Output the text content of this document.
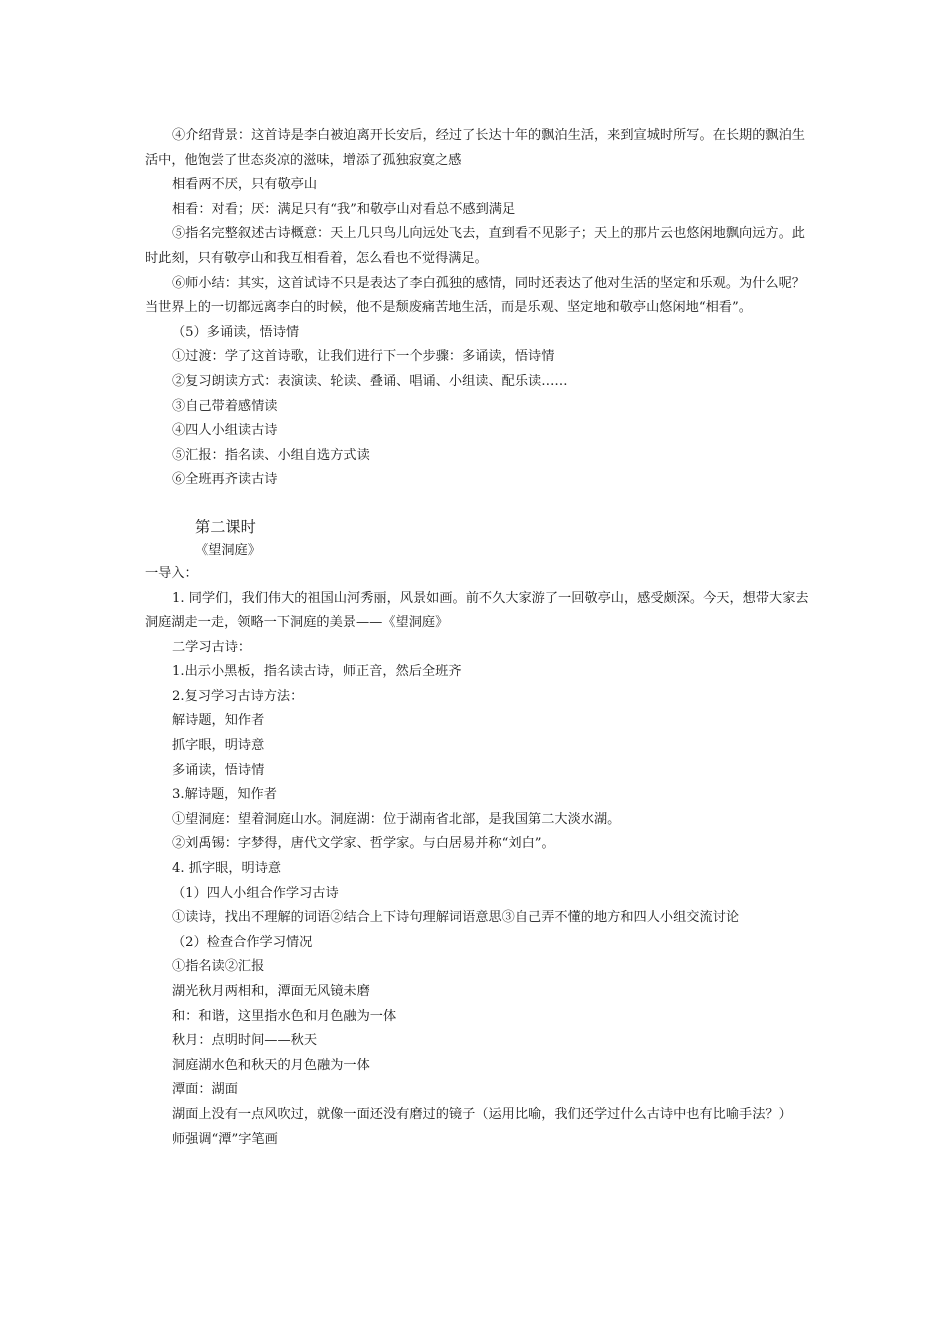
④介绍背景：这首诗是李白被迫离开长安后，经过了长达十年的飘泊生活，来到宣城时所写。在长期的飘泊生活中，他饱尝了世态炎凉的滋味，增添了孤独寂寞之感

相看两不厌，只有敬亭山

相看：对看；厌：满足只有“我”和敬亭山对看总不感到满足

⑤指名完整叙述古诗概意：天上几只鸟儿向远处飞去，直到看不见影子；天上的那片云也悠闲地飘向远方。此时此刻，只有敬亭山和我互相看着，怎么看也不觉得满足。

⑥师小结：其实，这首试诗不只是表达了李白孤独的感情，同时还表达了他对生活的坚定和乐观。为什么呢？当世界上的一切都远离李白的时候，他不是颓废痛苦地生活，而是乐观、坚定地和敬亭山悠闲地“相看”。

（5）多诵读，悟诗情

①过渡：学了这首诗歌，让我们进行下一个步骤：多诵读，悟诗情

②复习朗读方式：表演读、轮读、叠诵、唱诵、小组读、配乐读……

③自己带着感情读

④四人小组读古诗

⑤汇报：指名读、小组自选方式读

⑥全班再齐读古诗

第二课时

《望洞庭》

一导入：

1. 同学们，我们伟大的祖国山河秀丽，风景如画。前不久大家游了一回敬亭山，感受颇深。今天，想带大家去洞庭湖走一走，领略一下洞庭的美景——《望洞庭》

二学习古诗：

1.出示小黑板，指名读古诗，师正音，然后全班齐

2.复习学习古诗方法：

解诗题，知作者

抓字眼，明诗意

多诵读，悟诗情

3.解诗题，知作者

①望洞庭：望着洞庭山水。洞庭湖：位于湖南省北部，是我国第二大淡水湖。

②刘禹锡：字梦得，唐代文学家、哲学家。与白居易并称“刘白”。

4. 抓字眼，明诗意

（1）四人小组合作学习古诗

①读诗，找出不理解的词语②结合上下诗句理解词语意思③自己弄不懂的地方和四人小组交流讨论

（2）检查合作学习情况

①指名读②汇报

湖光秋月两相和，潭面无风镜未磨

和：和谐，这里指水色和月色融为一体

秋月：点明时间——秋天

洞庭湖水色和秋天的月色融为一体

潭面：湖面

湖面上没有一点风吹过，就像一面还没有磨过的镜子（运用比喻，我们还学过什么古诗中也有比喻手法？）

师强调“潭”字笔画
